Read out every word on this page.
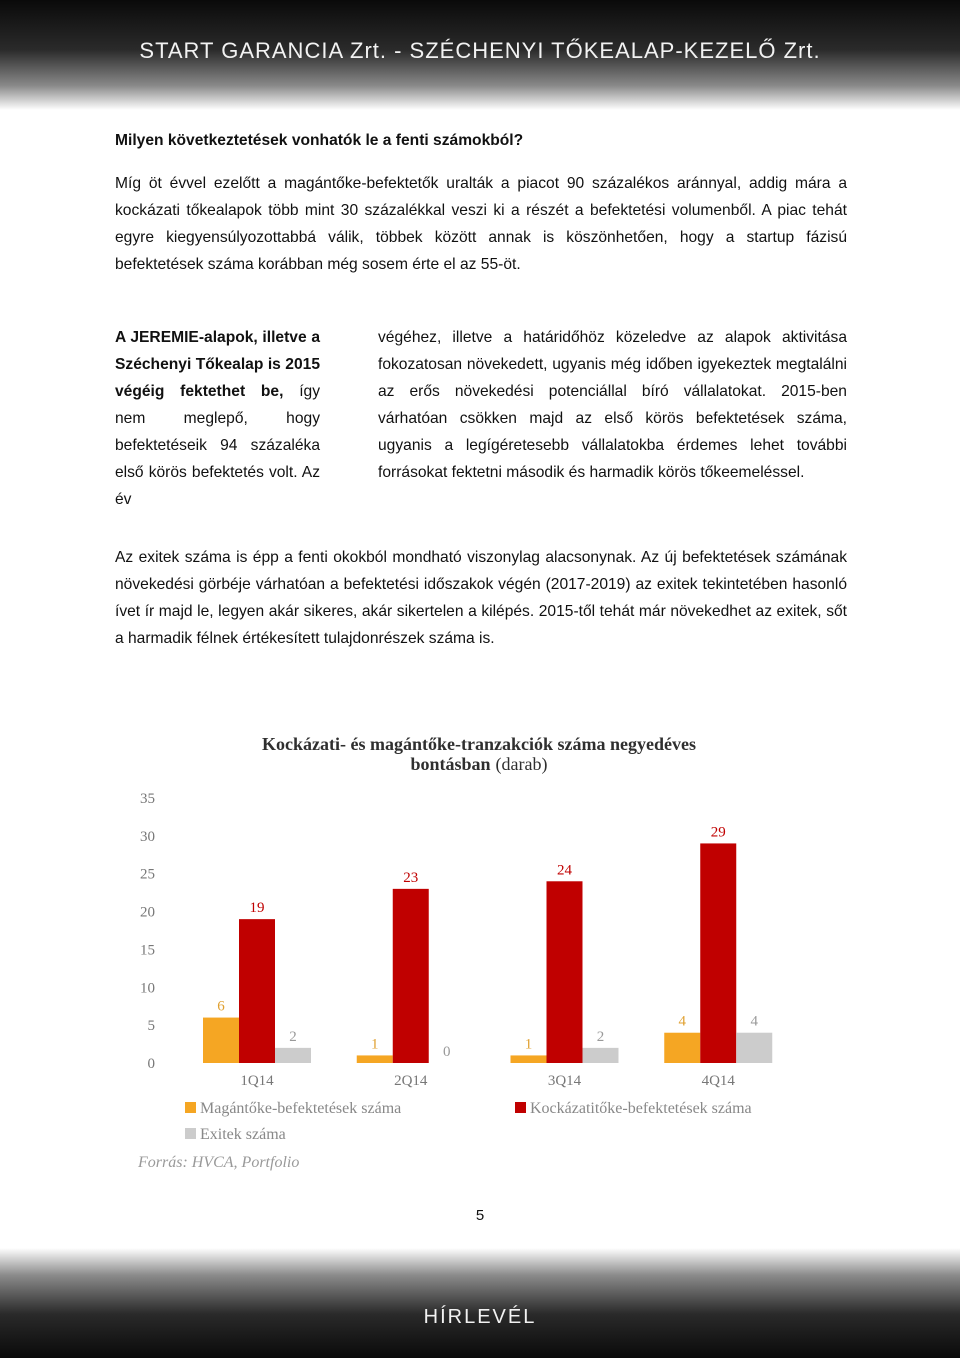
START GARANCIA Zrt. - SZÉCHENYI TŐKEALAP-KEZELŐ Zrt.
Milyen következtetések vonhatók le a fenti számokból?
Míg öt évvel ezelőtt a magántőke-befektetők uralták a piacot 90 százalékos aránnyal, addig mára a kockázati tőkealapok több mint 30 százalékkal veszi ki a részét a befektetési volumenből. A piac tehát egyre kiegyensúlyozottabbá válik, többek között annak is köszönhetően, hogy a startup fázisú befektetések száma korábban még sosem érte el az 55-öt.
A JEREMIE-alapok, illetve a Széchenyi Tőkealap is 2015 végéig fektethet be, így nem meglepő, hogy befektetéseik 94 százaléka első körös befektetés volt. Az év
végéhez, illetve a határidőhöz közeledve az alapok aktivitása fokozatosan növekedett, ugyanis még időben igyekeztek megtalálni az erős növekedési potenciállal bíró vállalatokat. 2015-ben várhatóan csökken majd az első körös befektetések száma, ugyanis a legígéretesebb vállalatokba érdemes lehet további forrásokat fektetni második és harmadik körös tőkeemeléssel.
Az exitek száma is épp a fenti okokból mondható viszonylag alacsonynak. Az új befektetések számának növekedési görbéje várhatóan a befektetési időszakok végén (2017-2019) az exitek tekintetében hasonló ívet ír majd le, legyen akár sikeres, akár sikertelen a kilépés. 2015-től tehát már növekedhet az exitek, sőt a harmadik félnek értékesített tulajdonrészek száma is.
Kockázati- és magántőke-tranzakciók száma negyedéves
bontásban (darab)
0
5
10
15
20
25
30
35
6
19
2	1
23
0	1
24
2
4
29
4
1Q14	2Q14	3Q14	4Q14
Magántőke-befektetések száma	Kockázatitőke-befektetések száma
Exitek száma
Forrás: HVCA, Portfolio
5
HÍRLEVÉL
